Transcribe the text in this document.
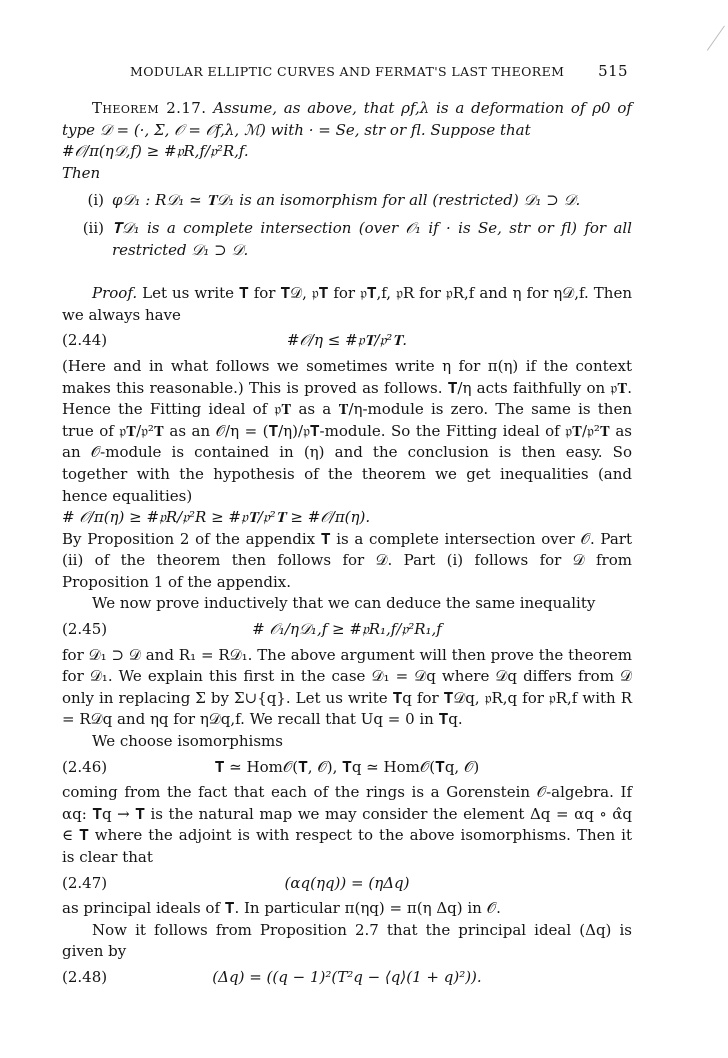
MODULAR ELLIPTIC CURVES AND FERMAT'S LAST THEOREM 515

Theorem 2.17. Assume, as above, that ρf,λ is a deformation of ρ0 of type 𝒟 = (·, Σ, 𝒪 = 𝒪f,λ, ℳ) with · = Se, str or fl. Suppose that

#𝒪/π(η𝒟,f) ≥ #𝔭R,f/𝔭²R,f.

Then

(i) φ𝒟₁ : R𝒟₁ ≃ 𝐓𝒟₁ is an isomorphism for all (restricted) 𝒟₁ ⊃ 𝒟.
(ii) 𝐓𝒟₁ is a complete intersection (over 𝒪₁ if · is Se, str or fl) for all restricted 𝒟₁ ⊃ 𝒟.

Proof. Let us write 𝐓 for 𝐓𝒟, 𝔭𝐓 for 𝔭𝐓,f, 𝔭R for 𝔭R,f and η for η𝒟,f. Then we always have

(2.44)	#𝒪/η ≤ #𝔭𝐓/𝔭²𝐓.

(Here and in what follows we sometimes write η for π(η) if the context makes this reasonable.) This is proved as follows. 𝐓/η acts faithfully on 𝔭𝐓. Hence the Fitting ideal of 𝔭𝐓 as a 𝐓/η-module is zero. The same is then true of 𝔭𝐓/𝔭²𝐓 as an 𝒪/η = (𝐓/η)/𝔭𝐓-module. So the Fitting ideal of 𝔭𝐓/𝔭²𝐓 as an 𝒪-module is contained in (η) and the conclusion is then easy. So together with the hypothesis of the theorem we get inequalities (and hence equalities)

# 𝒪/π(η) ≥ #𝔭R/𝔭²R ≥ #𝔭𝐓/𝔭²𝐓 ≥ #𝒪/π(η).

By Proposition 2 of the appendix 𝐓 is a complete intersection over 𝒪. Part (ii) of the theorem then follows for 𝒟. Part (i) follows for 𝒟 from Proposition 1 of the appendix.

We now prove inductively that we can deduce the same inequality

(2.45)	# 𝒪₁/η𝒟₁,f ≥ #𝔭R₁,f/𝔭²R₁,f

for 𝒟₁ ⊃ 𝒟 and R₁ = R𝒟₁. The above argument will then prove the theorem for 𝒟₁. We explain this first in the case 𝒟₁ = 𝒟q where 𝒟q differs from 𝒟 only in replacing Σ by Σ∪{q}. Let us write 𝐓q for 𝐓𝒟q, 𝔭R,q for 𝔭R,f with R = R𝒟q and ηq for η𝒟q,f. We recall that Uq = 0 in 𝐓q.

We choose isomorphisms

(2.46)	𝐓 ≃ Hom𝒪(𝐓, 𝒪), 𝐓q ≃ Hom𝒪(𝐓q, 𝒪)

coming from the fact that each of the rings is a Gorenstein 𝒪-algebra. If αq: 𝐓q → 𝐓 is the natural map we may consider the element Δq = αq ∘ α̂q ∈ 𝐓 where the adjoint is with respect to the above isomorphisms. Then it is clear that

(2.47)	(αq(ηq)) = (ηΔq)

as principal ideals of 𝐓. In particular π(ηq) = π(η Δq) in 𝒪.

Now it follows from Proposition 2.7 that the principal ideal (Δq) is given by

(2.48)	(Δq) = ((q − 1)²(T²q − ⟨q⟩(1 + q)²)).
